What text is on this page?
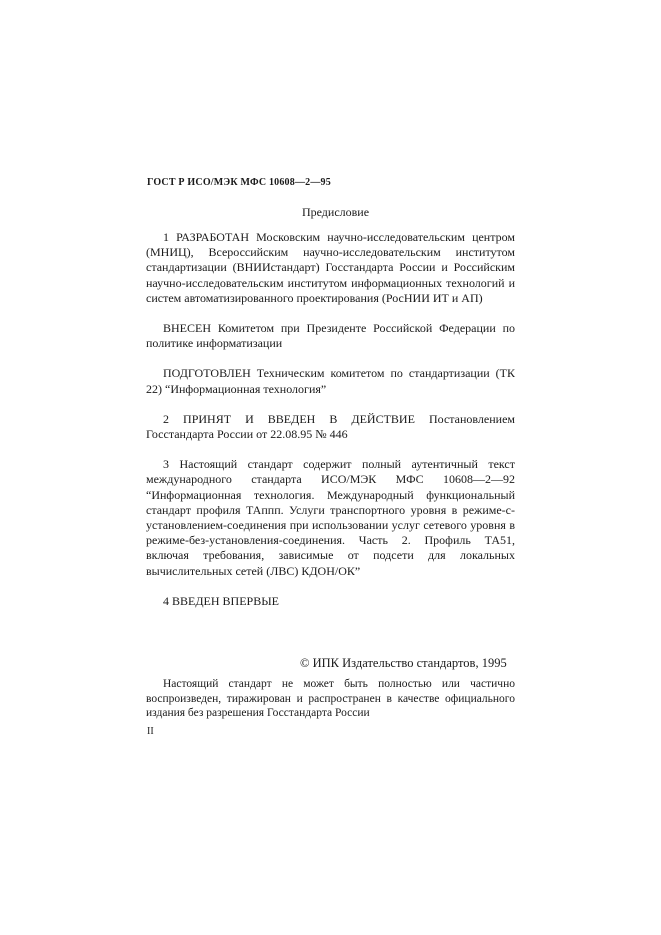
ГОСТ Р ИСО/МЭК МФС 10608—2—95
Предисловие

1 РАЗРАБОТАН Московским научно-исследовательским центром (МНИЦ), Всероссийским научно-исследовательским институтом стандартизации (ВНИИстандарт) Госстандарта России и Российским научно-исследовательским институтом информационных технологий и систем автоматизированного проектирования (РосНИИ ИТ и АП)

ВНЕСЕН Комитетом при Президенте Российской Федерации по политике информатизации

ПОДГОТОВЛЕН Техническим комитетом по стандартизации (ТК 22) “Информационная технология”

2 ПРИНЯТ И ВВЕДЕН В ДЕЙСТВИЕ Постановлением Госстандарта России от 22.08.95 № 446

3 Настоящий стандарт содержит полный аутентичный текст международного стандарта ИСО/МЭК МФС 10608—2—92 “Информационная технология. Международный функциональный стандарт профиля ТАппп. Услуги транспортного уровня в режиме-с-установлением-соединения при использовании услуг сетевого уровня в режиме-без-установления-соединения. Часть 2. Профиль ТА51, включая требования, зависимые от подсети для локальных вычислительных сетей (ЛВС) КДОН/ОК”

4 ВВЕДЕН ВПЕРВЫЕ

© ИПК Издательство стандартов, 1995
Настоящий стандарт не может быть полностью или частично воспроизведен, тиражирован и распространен в качестве официального издания без разрешения Госстандарта России
II
